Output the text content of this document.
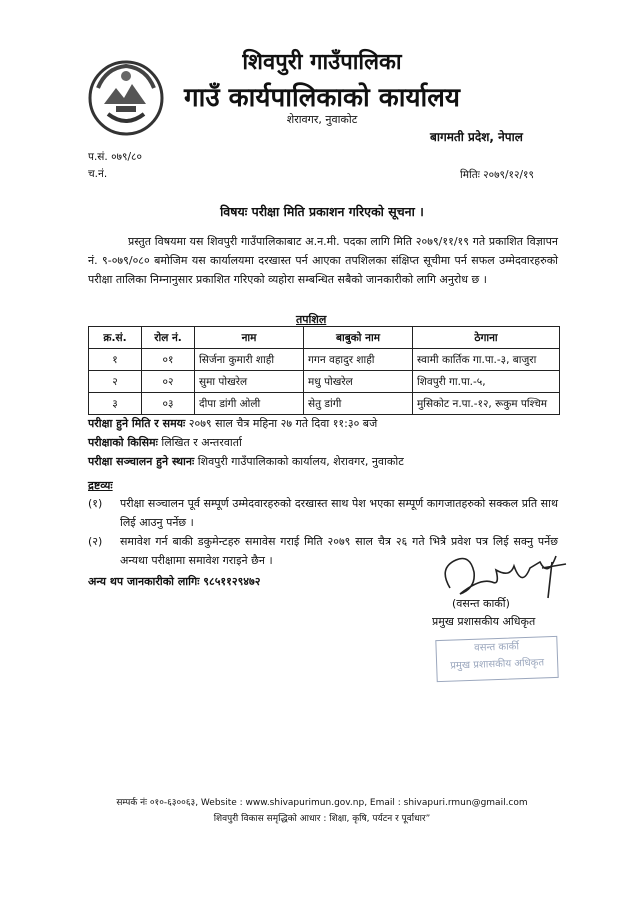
शिवपुरी गाउँपालिका
गाउँ कार्यपालिकाको कार्यालय
शेरावगर, नुवाकोट
बागमती प्रदेश, नेपाल
प.सं. ०७९/८०
च.नं.	मितिः २०७९/१२/१९
विषयः परीक्षा मिति प्रकाशन गरिएको सूचना ।
प्रस्तुत विषयमा यस शिवपुरी गाउँपालिकाबाट अ.न.मी. पदका लागि मिति २०७९/११/१९ गते प्रकाशित विज्ञापन नं. ९-०७९/०८० बमोजिम यस कार्यालयमा दरखास्त पर्न आएका तपशिलका संक्षिप्त सूचीमा पर्न सफल उम्मेदवारहरुको परीक्षा तालिका निम्नानुसार प्रकाशित गरिएको व्यहोरा सम्बन्धित सबैको जानकारीको लागि अनुरोध छ ।
तपशिल
क्र.सं.	रोल नं.	नाम	बाबुको नाम	ठेगाना
१	०१	सिर्जना कुमारी शाही	गगन वहादुर शाही	स्वामी कार्तिक गा.पा.-३, बाजुरा
२	०२	सुमा पोखरेल	मधु पोखरेल	शिवपुरी गा.पा.-५,
३	०३	दीपा डांगी ओली	सेतु डांगी	मुसिकोट न.पा.-१२, रूकुम पश्चिम
परीक्षा हुने मिति र समयः २०७९ साल चैत्र महिना २७ गते दिवा ११:३० बजे
परीक्षाको किसिमः लिखित र अन्तरवार्ता
परीक्षा सञ्चालन हुने स्थानः शिवपुरी गाउँपालिकाको कार्यालय, शेरावगर, नुवाकोट
द्रष्टव्यः
(१) परीक्षा सञ्चालन पूर्व सम्पूर्ण उम्मेदवारहरुको दरखास्त साथ पेश भएका सम्पूर्ण कागजातहरुको सक्कल प्रति साथ लिई आउनु पर्नेछ ।
(२) समावेश गर्न बाकी डकुमेन्टहरु समावेस गराई मिति २०७९ साल चैत्र २६ गते भित्रै प्रवेश पत्र लिई सक्नु पर्नेछ अन्यथा परीक्षामा समावेश गराइने छैन ।
अन्य थप जानकारीको लागिः ९८५११२९४७२
(वसन्त कार्की)
प्रमुख प्रशासकीय अधिकृत
वसन्त कार्की
प्रमुख प्रशासकीय अधिकृत
सम्पर्क नंः ०१०-६३००६३, Website : www.shivapurimun.gov.np, Email : shivapuri.rmun@gmail.com
शिवपुरी विकास समृद्धिको आधार : शिक्षा, कृषि, पर्यटन र पूर्वाधार”
